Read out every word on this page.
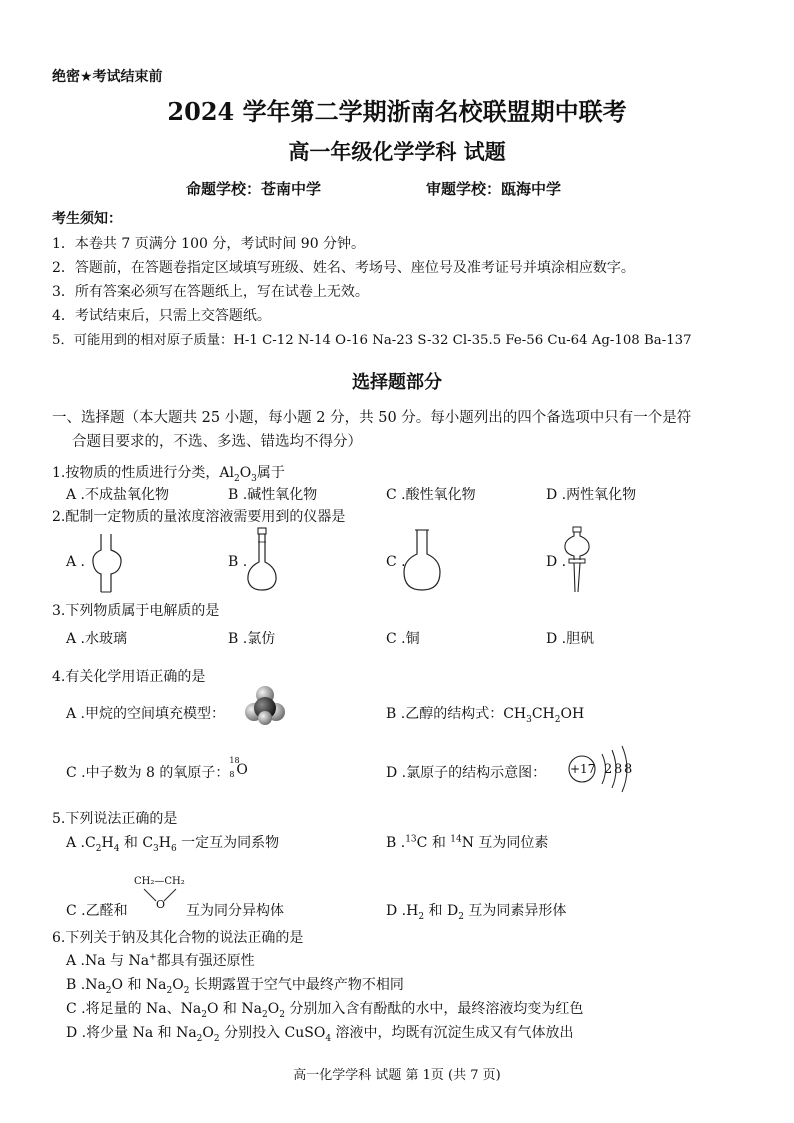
绝密★考试结束前
2024 学年第二学期浙南名校联盟期中联考
高一年级化学学科 试题
命题学校：苍南中学	审题学校：瓯海中学
考生须知：
1．本卷共 7 页满分 100 分，考试时间 90 分钟。
2．答题前，在答题卷指定区域填写班级、姓名、考场号、座位号及准考证号并填涂相应数字。
3．所有答案必须写在答题纸上，写在试卷上无效。
4．考试结束后，只需上交答题纸。
5．可能用到的相对原子质量：H-1 C-12 N-14 O-16 Na-23 S-32 Cl-35.5 Fe-56 Cu-64 Ag-108 Ba-137
选择题部分
一、选择题（本大题共 25 小题，每小题 2 分，共 50 分。每小题列出的四个备选项中只有一个是符
合题目要求的，不选、多选、错选均不得分）
1.按物质的性质进行分类，$Al_2O_3$属于
A .不成盐氧化物	B .碱性氧化物	C .酸性氧化物	D .两性氧化物
2.配制一定物质的量浓度溶液需要用到的仪器是
A .	B .	C .	D .
3.下列物质属于电解质的是
A .水玻璃	B .氯仿	C .铜	D .胆矾
4.有关化学用语正确的是
A .甲烷的空间填充模型：	B .乙醇的结构式：$CH_3CH_2OH$
C .中子数为 8 的氧原子：
18
8 O	D .氯原子的结构示意图： +17 2 8 8
5.下列说法正确的是
A $.C_2H_4$ 和 $C_3H_6$ 一定互为同系物	B .$^{13}$C 和 $^{14}$N 互为同位素
C .乙醛和
CH₂—CH₂
O 互为同分异构体	D $.H_2$ 和 $D_2$ 互为同素异形体
6.下列关于钠及其化合物的说法正确的是
A .Na 与 Na+都具有强还原性
B $.Na_2O$ 和 $Na_2O_2$ 长期露置于空气中最终产物不相同
C .将足量的 Na、$Na_2O$ 和 $Na_2O_2$ 分别加入含有酚酞的水中，最终溶液均变为红色
D .将少量 Na 和 $Na_2O_2$ 分别投入 CuSO$_4$ 溶液中，均既有沉淀生成又有气体放出
高一化学学科 试题 第 1页 (共 7 页)
